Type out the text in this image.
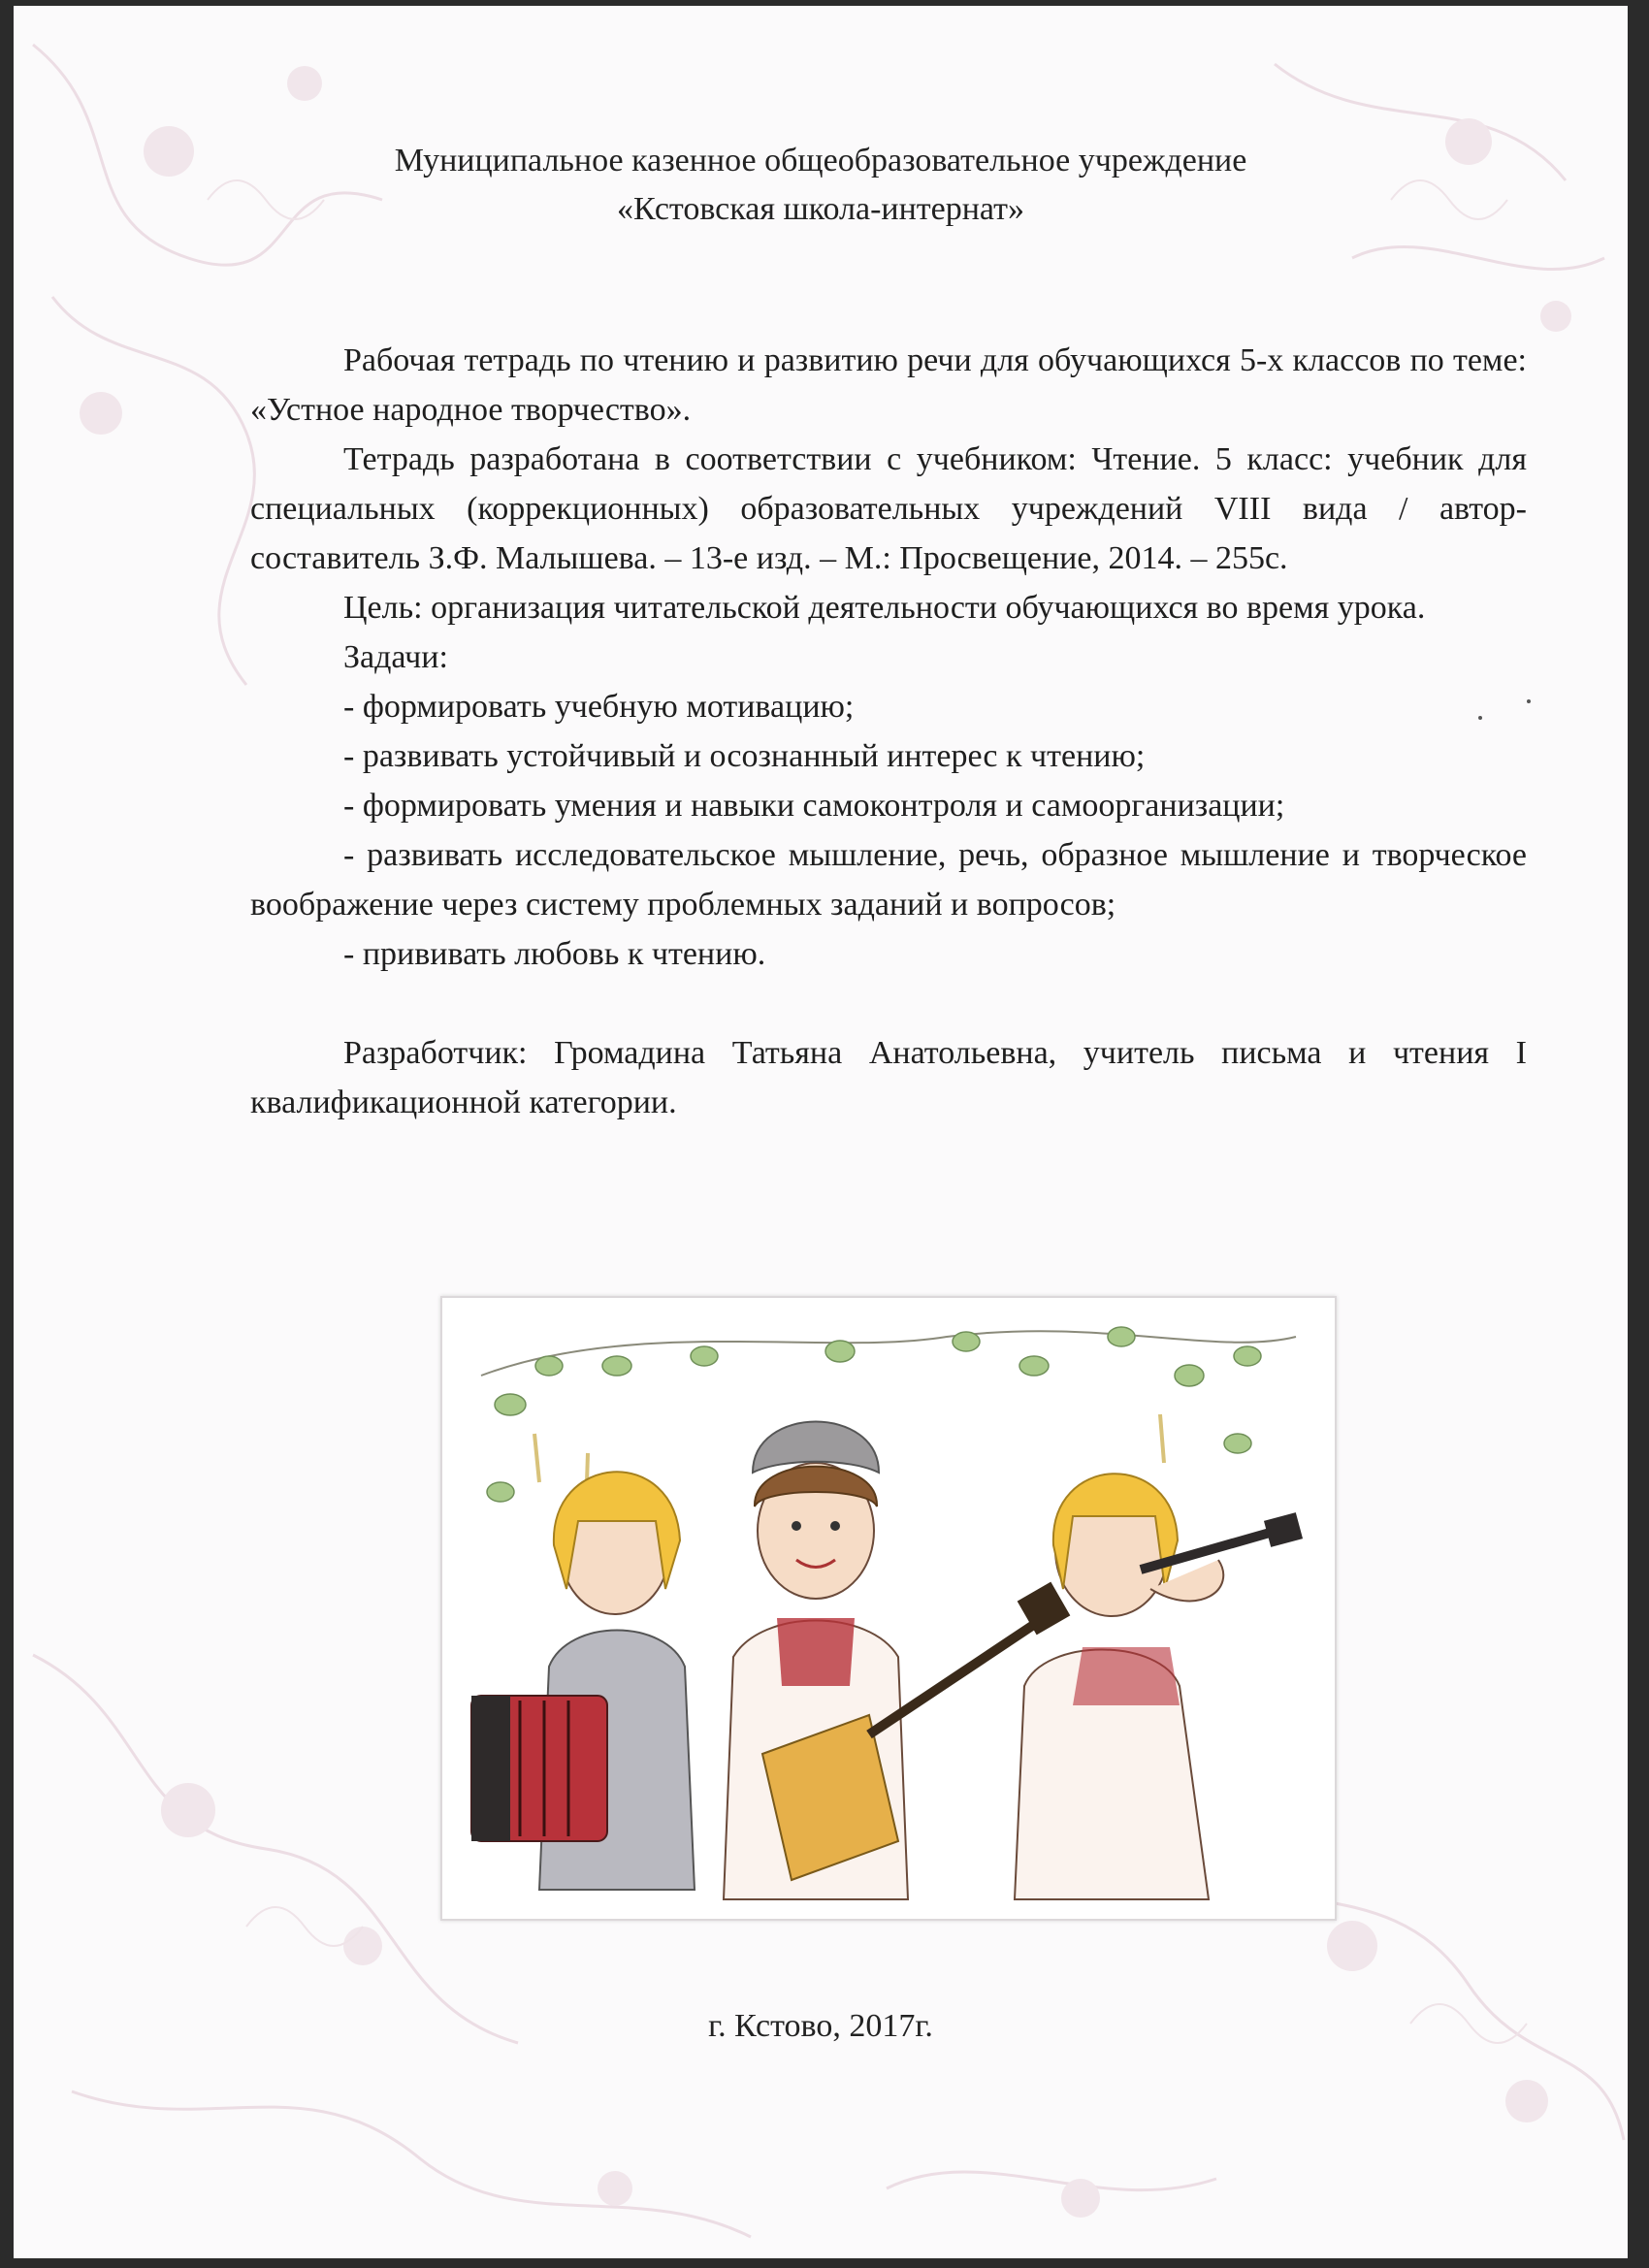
Муниципальное казенное общеобразовательное учреждение
«Кстовская школа-интернат»

Рабочая тетрадь по чтению и развитию речи для обучающихся 5-х классов по теме: «Устное народное творчество».

Тетрадь разработана в соответствии с учебником: Чтение. 5 класс: учебник для специальных (коррекционных) образовательных учреждений VIII вида / автор-составитель З.Ф. Малышева. – 13-е изд. – М.: Просвещение, 2014. – 255с.

Цель: организация читательской деятельности обучающихся во время урока.

Задачи:

- формировать учебную мотивацию;

- развивать устойчивый и осознанный интерес к чтению;

- формировать умения и навыки самоконтроля и самоорганизации;

- развивать исследовательское мышление, речь, образное мышление и творческое воображение через систему проблемных заданий и вопросов;

- прививать любовь к чтению.

Разработчик: Громадина Татьяна Анатольевна, учитель письма и чтения I квалификационной категории.

г. Кстово, 2017г.
